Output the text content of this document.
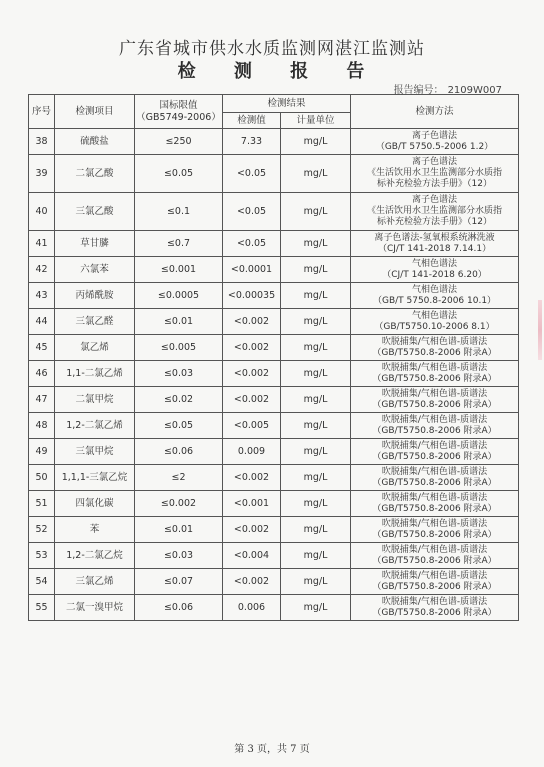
广东省城市供水水质监测网湛江监测站
检 测 报 告
报告编号： 2109W007
序号	检测项目	国标限值
（GB5749-2006）	检测结果		检测方法
			检测值	计量单位	
38	硫酸盐	≤250	7.33	mg/L	离子色谱法
（GB/T 5750.5-2006 1.2）

39	二氯乙酸	≤0.05	<0.05	mg/L	离子色谱法
《生活饮用水卫生监测部分水质指
标补充检验方法手册》（12）

40	三氯乙酸	≤0.1	<0.05	mg/L	离子色谱法
《生活饮用水卫生监测部分水质指
标补充检验方法手册》（12）

41	草甘膦	≤0.7	<0.05	mg/L	离子色谱法-氢氧根系统淋洗液
（CJ/T 141-2018 7.14.1）

42	六氯苯	≤0.001	<0.0001	mg/L	气相色谱法
（CJ/T 141-2018 6.20）

43	丙烯酰胺	≤0.0005	<0.00035	mg/L	气相色谱法
（GB/T 5750.8-2006 10.1）

44	三氯乙醛	≤0.01	<0.002	mg/L	气相色谱法
（GB/T5750.10-2006 8.1）

45	氯乙烯	≤0.005	<0.002	mg/L	吹脱捕集/气相色谱-质谱法
（GB/T5750.8-2006 附录A）

46	1,1-二氯乙烯	≤0.03	<0.002	mg/L	吹脱捕集/气相色谱-质谱法
（GB/T5750.8-2006 附录A）

47	二氯甲烷	≤0.02	<0.002	mg/L	吹脱捕集/气相色谱-质谱法
（GB/T5750.8-2006 附录A）

48	1,2-二氯乙烯	≤0.05	<0.005	mg/L	吹脱捕集/气相色谱-质谱法
（GB/T5750.8-2006 附录A）

49	三氯甲烷	≤0.06	0.009	mg/L	吹脱捕集/气相色谱-质谱法
（GB/T5750.8-2006 附录A）

50	1,1,1-三氯乙烷	≤2	<0.002	mg/L	吹脱捕集/气相色谱-质谱法
（GB/T5750.8-2006 附录A）

51	四氯化碳	≤0.002	<0.001	mg/L	吹脱捕集/气相色谱-质谱法
（GB/T5750.8-2006 附录A）

52	苯	≤0.01	<0.002	mg/L	吹脱捕集/气相色谱-质谱法
（GB/T5750.8-2006 附录A）

53	1,2-二氯乙烷	≤0.03	<0.004	mg/L	吹脱捕集/气相色谱-质谱法
（GB/T5750.8-2006 附录A）

54	三氯乙烯	≤0.07	<0.002	mg/L	吹脱捕集/气相色谱-质谱法
（GB/T5750.8-2006 附录A）

55	二氯一溴甲烷	≤0.06	0.006	mg/L	吹脱捕集/气相色谱-质谱法
（GB/T5750.8-2006 附录A）
第 3 页，共 7 页
